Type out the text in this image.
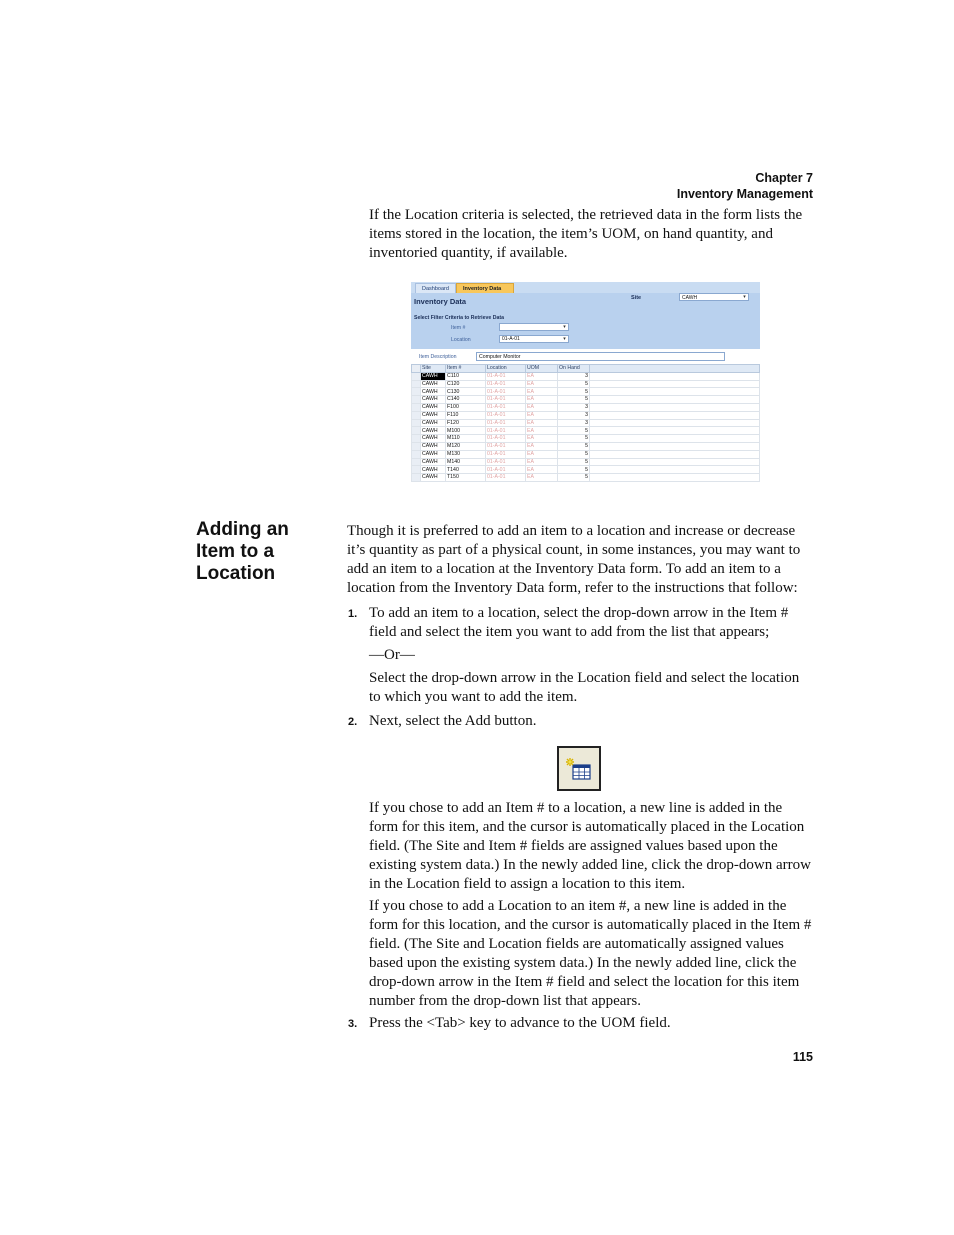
Chapter 7
Inventory Management

If the Location criteria is selected, the retrieved data in the form lists the items stored in the location, the item’s UOM, on hand quantity, and inventoried quantity, if available.

Dashboard	Inventory Data
Inventory Data
Select Filter Criteria to Retrieve Data
Site	CAWH	▾
Item #	▾
Location	01-A-01	▾
Item Description	Computer Monitor
	Site	Item #	Location	UOM	On Hand	
	CAWH	C110	01-A-01	EA	3	
	CAWH	C120	01-A-01	EA	5	
	CAWH	C130	01-A-01	EA	5	
	CAWH	C140	01-A-01	EA	5	
	CAWH	F100	01-A-01	EA	3	
	CAWH	F110	01-A-01	EA	3	
	CAWH	F120	01-A-01	EA	3	
	CAWH	M100	01-A-01	EA	5	
	CAWH	M110	01-A-01	EA	5	
	CAWH	M120	01-A-01	EA	5	
	CAWH	M130	01-A-01	EA	5	
	CAWH	M140	01-A-01	EA	5	
	CAWH	T140	01-A-01	EA	5	
	CAWH	T150	01-A-01	EA	5	
Adding an Item to a Location

Though it is preferred to add an item to a location and increase or decrease it’s quantity as part of a physical count, in some instances, you may want to add an item to a location at the Inventory Data form. To add an item to a location from the Inventory Data form, refer to the instructions that follow:

1. To add an item to a location, select the drop-down arrow in the Item # field and select the item you want to add from the list that appears;

—Or—

Select the drop-down arrow in the Location field and select the location to which you want to add the item.

2. Next, select the Add button.

If you chose to add an Item # to a location, a new line is added in the form for this item, and the cursor is automatically placed in the Location field. (The Site and Item # fields are assigned values based upon the existing system data.) In the newly added line, click the drop-down arrow in the Location field to assign a location to this item.

If you chose to add a Location to an item #, a new line is added in the form for this location, and the cursor is automatically placed in the Item # field. (The Site and Location fields are automatically assigned values based upon the existing system data.) In the newly added line, click the drop-down arrow in the Item # field and select the location for this item number from the drop-down list that appears.

3. Press the <Tab> key to advance to the UOM field.

115
